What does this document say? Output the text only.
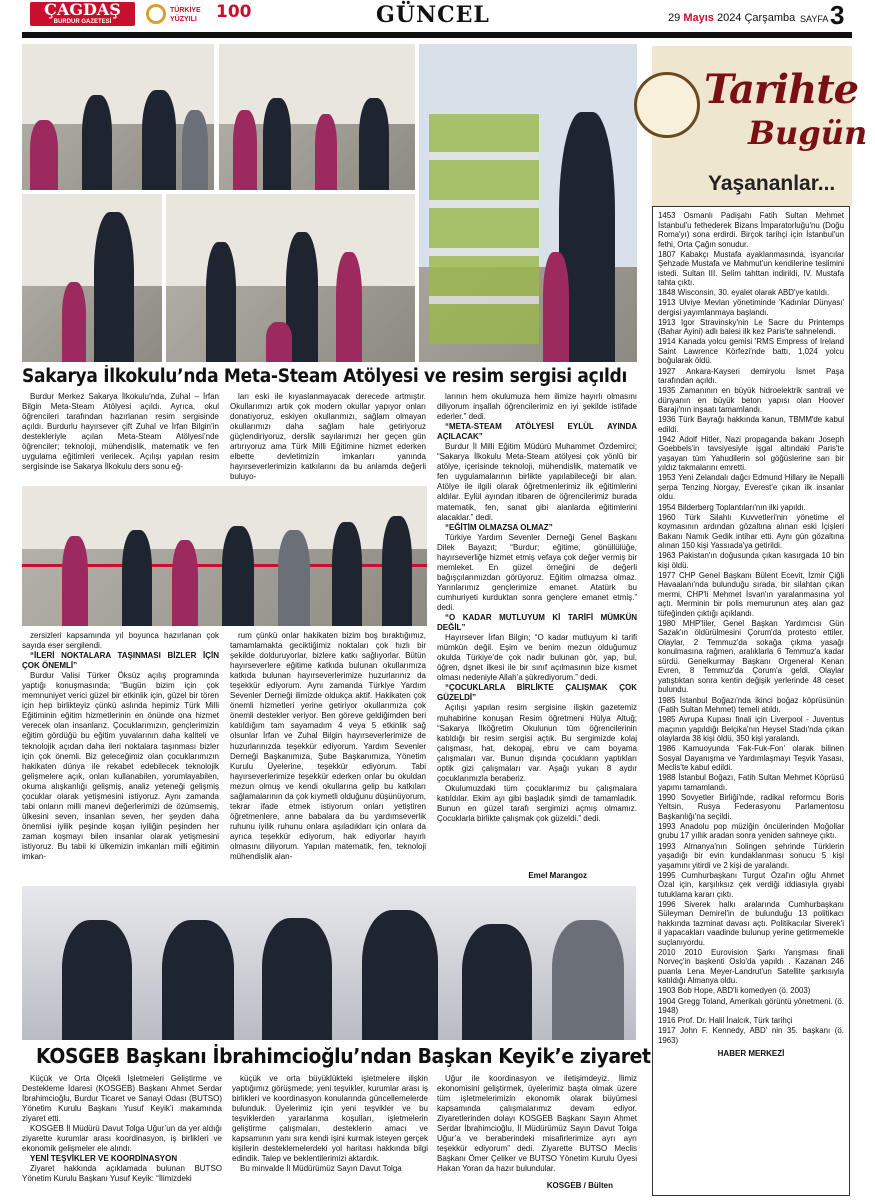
ÇAĞDAŞ
BURDUR GAZETESİ
TÜRKİYE YÜZYILI	100	GÜNCEL	29 Mayıs 2024 Çarşamba SAYFA 3
Sakarya İlkokulu’nda Meta-Steam Atölyesi ve resim sergisi açıldı

Burdur Merkez Sakarya İlkokulu’nda, Zuhal – İrfan Bilgin Meta-Steam Atölyesi açıldı. Ayrıca, okul öğrencileri tarafından hazırlanan resim sergisinde açıldı. Burdurlu hayırsever çift Zuhal ve İrfan Bilgin’in destekleriyle açılan Meta-Steam Atölyesi’nde öğrenciler; teknoloji, mühendislik, matematik ve fen uygulama eğitimleri verilecek. Açılışı yapılan resim sergisinde ise Sakarya İlkokulu ders sonu eğ-

ları eski ile kıyaslanmayacak derecede artmıştır. Okullarımızı artık çok modern okullar yapıyor onları donatıyoruz, eskiyen okullarımızı, sağlam olmayan okullarımızı daha sağlam hale getiriyoruz güçlendiriyoruz, derslik sayılarımızı her geçen gün artırıyoruz ama Türk Milli Eğitimine hizmet ederken elbette devletimizin imkanları yanında hayırseverlerimizin katkılarını da bu anlamda değerli buluyo-

larının hem okulumuza hem ilimize hayırlı olmasını diliyorum inşallah öğrencilerimiz en iyi şekilde istifade ederler.” dedi.

“META-STEAM ATÖLYESİ EYLÜL AYINDA AÇILACAK”

Burdur İl Milli Eğitim Müdürü Muhammet Özdemirci; “Sakarya İlkokulu Meta-Steam atölyesi çok yönlü bir atölye, içerisinde teknoloji, mühendislik, matematik ve fen uygulamalarının birlikte yapılabileceği bir alan. Atölye ile ilgili olarak öğretmenlerimiz ilk eğitimlerini aldılar. Eylül ayından itibaren de öğrencilerimiz burada matematik, fen, sanat gibi alanlarda eğitimlerini alacaklar.” dedi.

“EĞİTİM OLMAZSA OLMAZ”

Türkiye Yardım Sevenler Derneği Genel Başkanı Dilek Bayazıt; “Burdur; eğitime, gönüllülüğe, hayırseverliğe hizmet etmiş vefaya çok değer vermiş bir memleket. En güzel örneğini de değerli bağışçılarımızdan görüyoruz. Eğitim olmazsa olmaz. Yarınlarımız gençlerimize emanet. Atatürk bu cumhuriyeti kurduktan sonra gençlere emanet etmiş.” dedi.

“O KADAR MUTLUYUM Kİ TARİFİ MÜMKÜN DEĞİL”

Hayırsever İrfan Bilgin; “O kadar mutluyum ki tarifi mümkün değil. Eşim ve benim mezun olduğumuz okulda Türkiye’de çok nadir bulunan gör, yap, bul, öğren, dşnet ilkesi ile bir sınıf açılmasının bize kısmet olması nedeniyle Allah’a şükrediyorum.” dedi.

“ÇOCUKLARLA BİRLİKTE ÇALIŞMAK ÇOK GÜZELDİ”

Açılışı yapılan resim sergisine ilişkin gazetemiz muhabirine konuşan Resim öğretmeni Hülya Altuğ; “Sakarya İlköğretim Okulunun tüm öğrencilerinin katıldığı bir resim sergisi açtık. Bu sergimizde kolaj çalışması, hat, dekopaj, ebru ve cam boyama çalışmaları var. Bunun dışında çocukların yaptıkları optik gizi çalışmaları var. Aşağı yukarı 8 aydır çocuklarımızla beraberiz.

Okulumuzdaki tüm çocuklarımız bu çalışmalara katıldılar. Ekim ayı gibi başladık şimdi de tamamladık. Bunun en güzel tarafı sergimizi açmış olmamız. Çocuklarla birlikte çalışmak çok güzeldi.” dedi.

Emel Marangoz

zersizleri kapsamında yıl boyunca hazırlanan çok sayıda eser sergilendi.

“İLERİ NOKTALARA TAŞINMASI BİZLER İÇİN ÇOK ÖNEMLİ”

Burdur Valisi Türker Öksüz açılış programında yaptığı konuşmasında; “Bugün bizim için çok memnuniyet verici güzel bir etkinlik için, güzel bir tören için hep birlikteyiz çünkü aslında hepimiz Türk Milli Eğitiminin eğitim hizmetlerinin en önünde ona hizmet verecek olan insanlarız. Çocuklarımızın, gençlerimizin eğitim gördüğü bu eğitim yuvalarının daha kaliteli ve teknolojik açıdan daha ileri noktalara taşınması bizler için çok önemli. Biz geleceğimiz olan çocuklarımızın hakikaten dünya ile rekabet edebilecek teknolojik gelişmelere açık, onları kullanabilen, yorumlayabilen, okuma alışkanlığı gelişmiş, analiz yeteneği gelişmiş çocuklar olarak yetişmesini istiyoruz. Aynı zamanda tabi onların milli manevi değerlerimizi de özümsemiş, ülkesini seven, insanları seven, her şeyden daha önemlisi iyilik peşinde koşan iyiliğin peşinden her zaman koşmayı bilen insanlar olarak yetişmesini istiyoruz. Bu tabii ki ülkemizin imkanları milli eğitimin imkan-

rum çünkü onlar hakikaten bizim boş bıraktığımız, tamamlamakta geciktiğimiz noktaları çok hızlı bir şekilde dolduruyorlar, bizlere katkı sağlıyorlar. Bütün hayırseverlere eğitime katkıda bulunan okullarımıza katkıda bulunan hayırseverlerimize huzurlarınız da teşekkür ediyorum. Aynı zamanda Türkiye Yardım Sevenler Derneği ilimizde oldukça aktif. Hakikaten çok önemli hizmetleri yerine getiriyor okullarımıza çok önemli destekler veriyor. Ben göreve geldiğimden beri katıldığım tam sayamadım 4 veya 5 etkinlik sağ olsunlar İrfan ve Zuhal Bilgin hayırseverlerimize de huzurlarınızda teşekkür ediyorum. Yardım Sevenler Derneği Başkanımıza, Şube Başkanımıza, Yönetim Kurulu Üyelerine, teşekkür ediyorum. Tabi hayırseverlerimize teşekkür ederken onlar bu okuldan mezun olmuş ve kendi okullarına gelip bu katkıları sağlamalarının da çok kıymetli olduğunu düşünüyorum, tekrar ifade etmek istiyorum onları yetiştiren öğretmenlere, anne babalara da bu yardımseverlik ruhunu iyilik ruhunu onlara aşıladıkları için onlara da ayrıca teşekkür ediyorum, hak ediyorlar hayırlı olmasını diliyorum. Yapılan matematik, fen, teknoloji mühendislik alan-

KOSGEB Başkanı İbrahimcioğlu’ndan Başkan Keyik’e ziyaret

Küçük ve Orta Ölçekli İşletmeleri Geliştirme ve Destekleme İdaresi (KOSGEB) Başkanı Ahmet Serdar İbrahimcioğlu, Burdur Ticaret ve Sanayi Odası (BUTSO) Yönetim Kurulu Başkanı Yusuf Keyik’i makamında ziyaret etti.

KOSGEB İl Müdürü Davut Tolga Uğur’un da yer aldığı ziyarette kurumlar arası koordinasyon, iş birlikleri ve ekonomik gelişmeler ele alındı.

YENİ TEŞVİKLER VE KOORDİNASYON

Ziyaret hakkında açıklamada bulunan BUTSO Yönetim Kurulu Başkanı Yusuf Keyik: “İlimizdeki

küçük ve orta büyüklükteki işletmelere ilişkin yaptığımız görüşmede; yeni teşvikler, kurumlar arası iş birlikleri ve koordinasyon konularında güncellemelerde bulunduk. Üyelerimiz için yeni teşvikler ve bu teşviklerden yararlanma koşulları, işletmelerin geliştirme çalışmaları, desteklerin amacı ve kapsamının yanı sıra kendi işini kurmak isteyen gerçek kişilerin desteklemelerdeki yol haritası hakkında bilgi edindik. Talep ve beklentilerimizi aktardık.

Bu minvalde İl Müdürümüz Sayın Davut Tolga

Uğur ile koordinasyon ve iletişimdeyiz. İlimiz ekonomisini geliştirmek, üyelerimiz başta olmak üzere tüm işletmelerimizin ekonomik olarak büyümesi kapsamında çalışmalarımız devam ediyor. Ziyaretlerinden dolayı KOSGEB Başkanı Sayın Ahmet Serdar İbrahimcioğlu, İl Müdürümüz Sayın Davut Tolga Uğur’a ve beraberindeki misafirlerimize ayrı ayrı teşekkür ediyorum” dedi. Ziyarette BUTSO Meclis Başkanı Ömer Çeliker ve BUTSO Yönetim Kurulu Üyesi Hakan Yoran da hazır bulundular.

KOSGEB / Bülten
Tarihte
Bugün
Yaşananlar...

1453 Osmanlı Padişahı Fatih Sultan Mehmet İstanbul'u fethederek Bizans İmparatorluğu'nu (Doğu Roma'yı) sona erdirdi. Birçok tarihçi için İstanbul'un fethi, Orta Çağın sonudur.

1807 Kabakçı Mustafa ayaklanmasında, isyancılar Şehzade Mustafa ve Mahmut'un kendilerine teslimini istedi. Sultan III. Selim tahttan indirildi, IV. Mustafa tahta çıktı.

1848 Wisconsin, 30. eyalet olarak ABD'ye katıldı.

1913 Ulviye Mevlan yönetiminde 'Kadınlar Dünyası' dergisi yayımlanmaya başlandı.

1913 Igor Stravinsky'nin Le Sacre du Printemps (Bahar Ayini) adlı balesi ilk kez Paris'te sahnelendi.

1914 Kanada yolcu gemisi 'RMS Empress of Ireland Saint Lawrence Körfezi'nde battı, 1,024 yolcu boğularak öldü.

1927 Ankara-Kayseri demiryolu İsmet Paşa tarafından açıldı.

1935 Zamanının en büyük hidroelektrik santrali ve dünyanın en büyük beton yapısı olan Hoover Barajı'nın inşaatı tamamlandı.

1936 Türk Bayrağı hakkında kanun, TBMM'de kabul edildi.

1942 Adolf Hitler, Nazi propaganda bakanı Joseph Goebbels'in tavsiyesiyle işgal altındaki Paris'te yaşayan tüm Yahudilerin sol göğüslerine sarı bir yıldız takmalarını emretti.

1953 Yeni Zelandalı dağcı Edmund Hillary ile Nepalli şerpa Tenzing Norgay, Everest'e çıkan ilk insanlar oldu.

1954 Bilderberg Toplantıları'nın ilki yapıldı.

1960 Türk Silahlı Kuvvetleri'nin yönetime el koymasının ardından gözaltına alınan eski İçişleri Bakanı Namık Gedik intihar etti. Aynı gün gözaltına alınan 150 kişi Yassıada'ya getirildi.

1963 Pakistan'ın doğusunda çıkan kasırgada 10 bin kişi öldü.

1977 CHP Genel Başkanı Bülent Ecevit, İzmir Çiğli Havaalanı'nda bulunduğu sırada, bir silahtan çıkan mermi, CHP'li Mehmet İsvan'ın yaralanmasına yol açtı. Merminin bir polis memurunun ateş alan gaz tüfeğinden çıktığı açıklandı.

1980 MHP'liler, Genel Başkan Yardımcısı Gün Sazak'ın öldürülmesini Çorum'da protesto ettiler. Olaylar, 2 Temmuz'da sokağa çıkma yasağı konulmasına rağmen, aralıklarla 6 Temmuz'a kadar sürdü. Genelkurmay Başkanı Orgeneral Kenan Evren, 8 Temmuz'da Çorum'a geldi. Olaylar yatıştıktan sonra kentin değişik yerlerinde 48 ceset bulundu.

1985 İstanbul Boğazı'nda ikinci boğaz köprüsünün (Fatih Sultan Mehmet) temeli atıldı.

1985 Avrupa Kupası finali için Liverpool - Juventus maçının yapıldığı Belçika'nın Heysel Stadı'nda çıkan olaylarda 38 kişi öldü, 350 kişi yaralandı.

1986 Kamuoyunda 'Fak-Fuk-Fon' olarak bilinen Sosyal Dayanışma ve Yardımlaşmayı Teşvik Yasası, Meclis'te kabul edildi.

1988 İstanbul Boğazı, Fatih Sultan Mehmet Köprüsü yapımı tamamlandı.

1990 Sovyetler Birliği'nde, radikal reformcu Boris Yeltsin, Rusya Federasyonu Parlamentosu Başkanlığı'na seçildi.

1993 Anadolu pop müziğin öncülerinden Moğollar grubu 17 yıllık aradan sonra yeniden sahneye çıktı.

1993 Almanya'nın Solingen şehrinde Türklerin yaşadığı bir evin kundaklanması sonucu 5 kişi yaşamını yitirdi ve 2 kişi de yaralandı.

1995 Cumhurbaşkanı Turgut Özal'ın oğlu Ahmet Özal için, karşılıksız çek verdiği iddiasıyla gıyabi tutuklama kararı çıktı.

1996 Siverek halkı aralarında Cumhurbaşkanı Süleyman Demirel'in de bulunduğu 13 politikacı hakkında tazminat davası açtı. Politikacılar Siverek'i il yapacakları vaadinde bulunup yerine getirmemekle suçlanıyordu.

2010 2010 Eurovision Şarkı Yarışması finali Norveç'in başkenti Oslo'da yapıldı . Kazanan 246 puanla Lena Meyer-Landrut'un Satellite şarkısıyla katıldığı Almanya oldu.

1903 Bob Hope, ABD'li komedyen (ö. 2003)

1904 Gregg Toland, Amerikalı görüntü yönetmeni. (ö. 1948)

1916 Prof. Dr. Halil İnalcık, Türk tarihçi

1917 John F. Kennedy, ABD' nin 35. başkanı (ö. 1963)

HABER MERKEZİ
